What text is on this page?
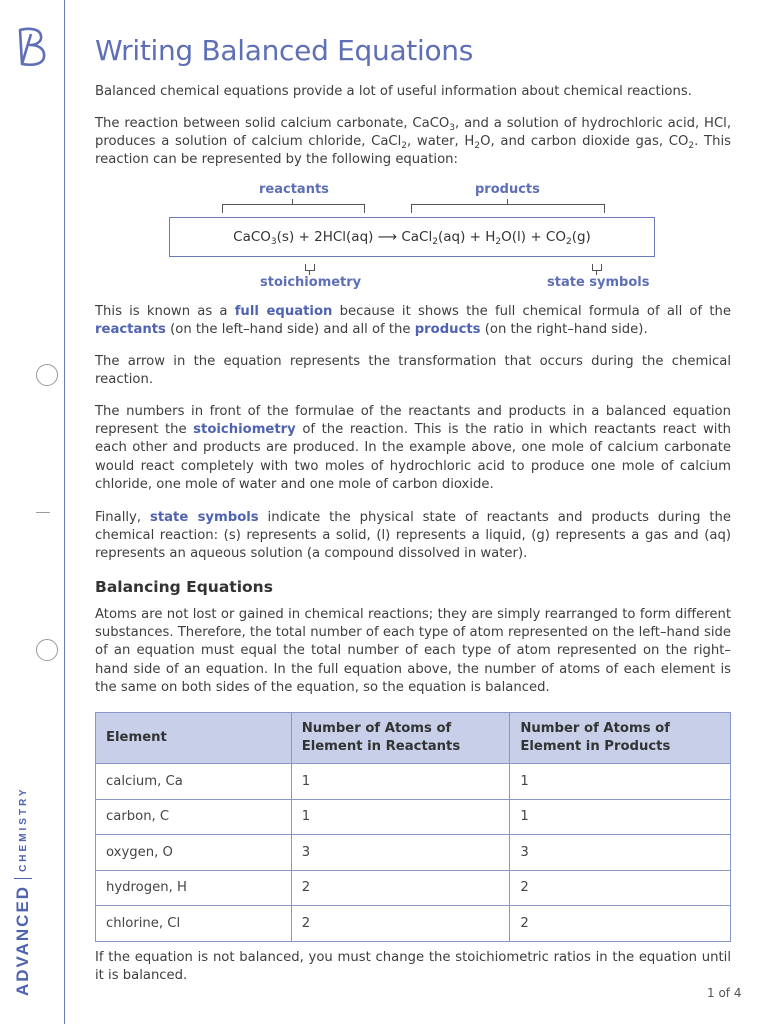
ADVANCED
CHEMISTRY
Writing Balanced Equations

Balanced chemical equations provide a lot of useful information about chemical reactions.

The reaction between solid calcium carbonate, CaCO$_3$, and a solution of hydrochloric acid, HCl, produces a solution of calcium chloride, CaCl$_2$, water, $H_2O$, and carbon dioxide gas, $CO_2$. This reaction can be represented by the following equation:

reactants	products
CaCO$_3$(s) + 2HCl(aq) ⟶ CaCl$_2$(aq) + $H_2O(l) + CO_2(g)$
stoichiometry	state symbols

This is known as a full equation because it shows the full chemical formula of all of the reactants (on the left–hand side) and all of the products (on the right–hand side).

The arrow in the equation represents the transformation that occurs during the chemical reaction.

The numbers in front of the formulae of the reactants and products in a balanced equation represent the stoichiometry of the reaction. This is the ratio in which reactants react with each other and products are produced. In the example above, one mole of calcium carbonate would react completely with two moles of hydrochloric acid to produce one mole of calcium chloride, one mole of water and one mole of carbon dioxide.

Finally, state symbols indicate the physical state of reactants and products during the chemical reaction: (s) represents a solid, (l) represents a liquid, (g) represents a gas and (aq) represents an aqueous solution (a compound dissolved in water).

Balancing Equations

Atoms are not lost or gained in chemical reactions; they are simply rearranged to form different substances. Therefore, the total number of each type of atom represented on the left–hand side of an equation must equal the total number of each type of atom represented on the right–hand side of an equation. In the full equation above, the number of atoms of each element is the same on both sides of the equation, so the equation is balanced.

Element	Number of Atoms of Element in Reactants	Number of Atoms of Element in Products
calcium, Ca	1	1
carbon, C	1	1
oxygen, O	3	3
hydrogen, H	2	2
chlorine, Cl	2	2

If the equation is not balanced, you must change the stoichiometric ratios in the equation until it is balanced.

1 of 4
